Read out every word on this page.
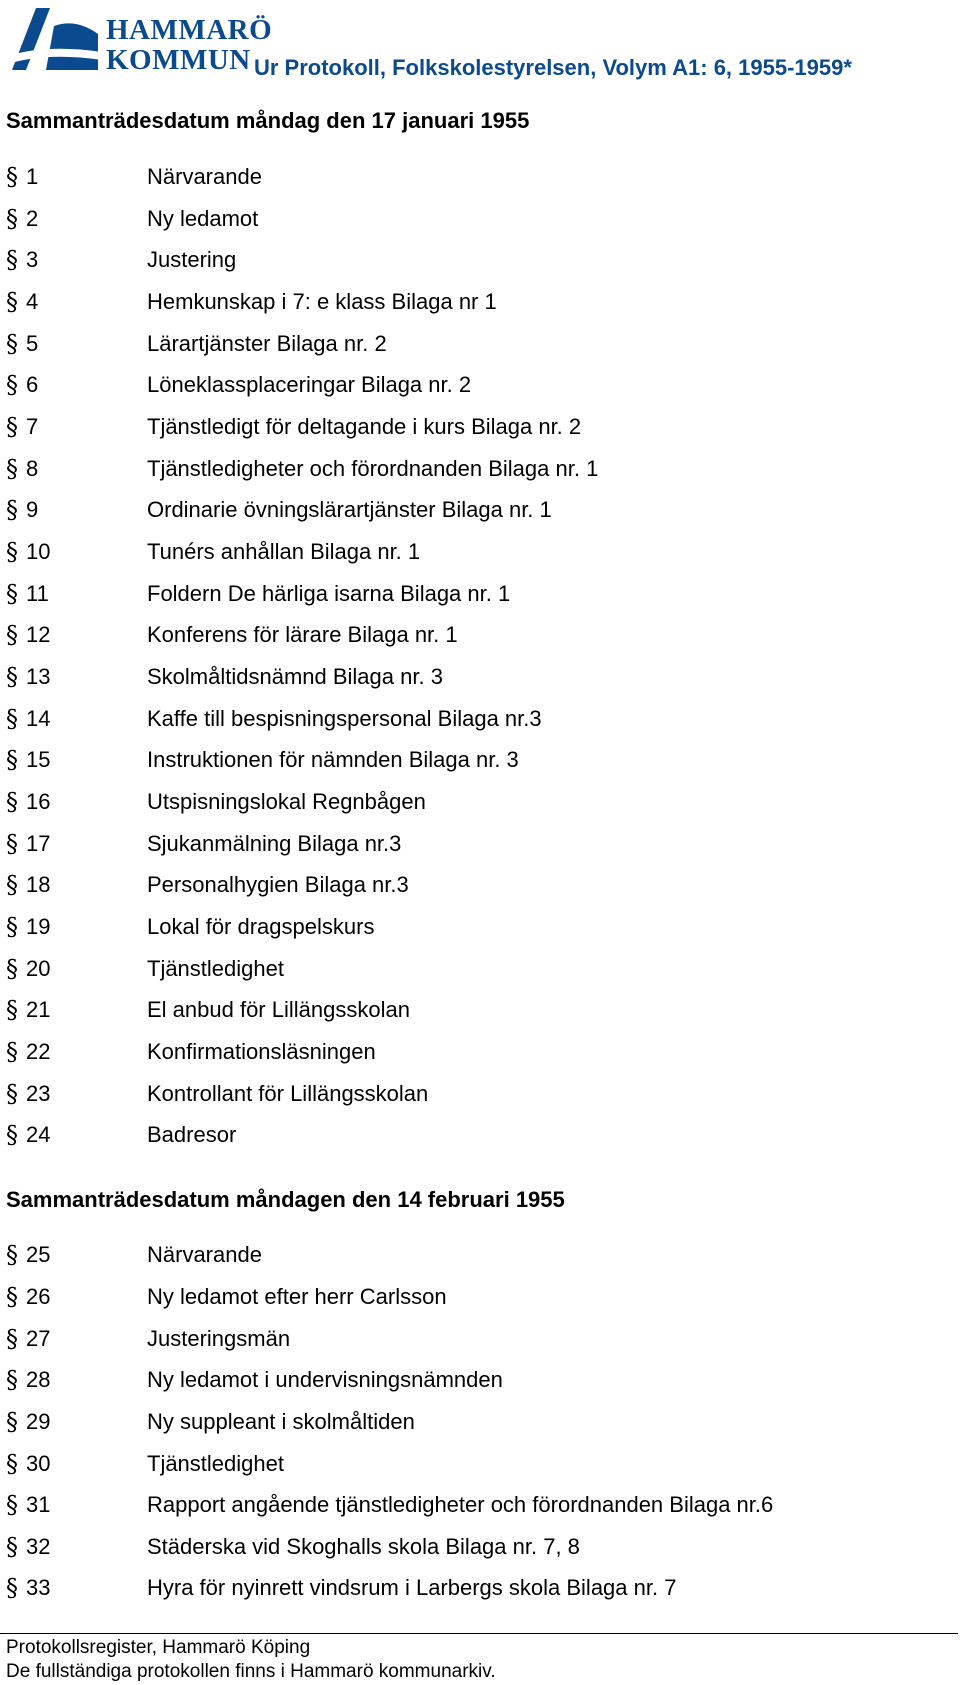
HAMMARÖ
KOMMUN Ur Protokoll, Folkskolestyrelsen, Volym A1: 6, 1955-1959*
Sammanträdesdatum måndag den 17 januari 1955
§ 1	Närvarande
§ 2	Ny ledamot
§ 3	Justering
§ 4	Hemkunskap i 7: e klass Bilaga nr 1
§ 5	Lärartjänster Bilaga nr. 2
§ 6	Löneklassplaceringar Bilaga nr. 2
§ 7	Tjänstledigt för deltagande i kurs Bilaga nr. 2
§ 8	Tjänstledigheter och förordnanden Bilaga nr. 1
§ 9	Ordinarie övningslärartjänster Bilaga nr. 1
§ 10	Tunérs anhållan Bilaga nr. 1
§ 11	Foldern De härliga isarna Bilaga nr. 1
§ 12	Konferens för lärare Bilaga nr. 1
§ 13	Skolmåltidsnämnd Bilaga nr. 3
§ 14	Kaffe till bespisningspersonal Bilaga nr.3
§ 15	Instruktionen för nämnden Bilaga nr. 3
§ 16	Utspisningslokal Regnbågen
§ 17	Sjukanmälning Bilaga nr.3
§ 18	Personalhygien Bilaga nr.3
§ 19	Lokal för dragspelskurs
§ 20	Tjänstledighet
§ 21	El anbud för Lillängsskolan
§ 22	Konfirmationsläsningen
§ 23	Kontrollant för Lillängsskolan
§ 24	Badresor
Sammanträdesdatum måndagen den 14 februari 1955
§ 25	Närvarande
§ 26	Ny ledamot efter herr Carlsson
§ 27	Justeringsmän
§ 28	Ny ledamot i undervisningsnämnden
§ 29	Ny suppleant i skolmåltiden
§ 30	Tjänstledighet
§ 31	Rapport angående tjänstledigheter och förordnanden Bilaga nr.6
§ 32	Städerska vid Skoghalls skola Bilaga nr. 7, 8
§ 33	Hyra för nyinrett vindsrum i Larbergs skola Bilaga nr. 7
Protokollsregister, Hammarö Köping
De fullständiga protokollen finns i Hammarö kommunarkiv.
